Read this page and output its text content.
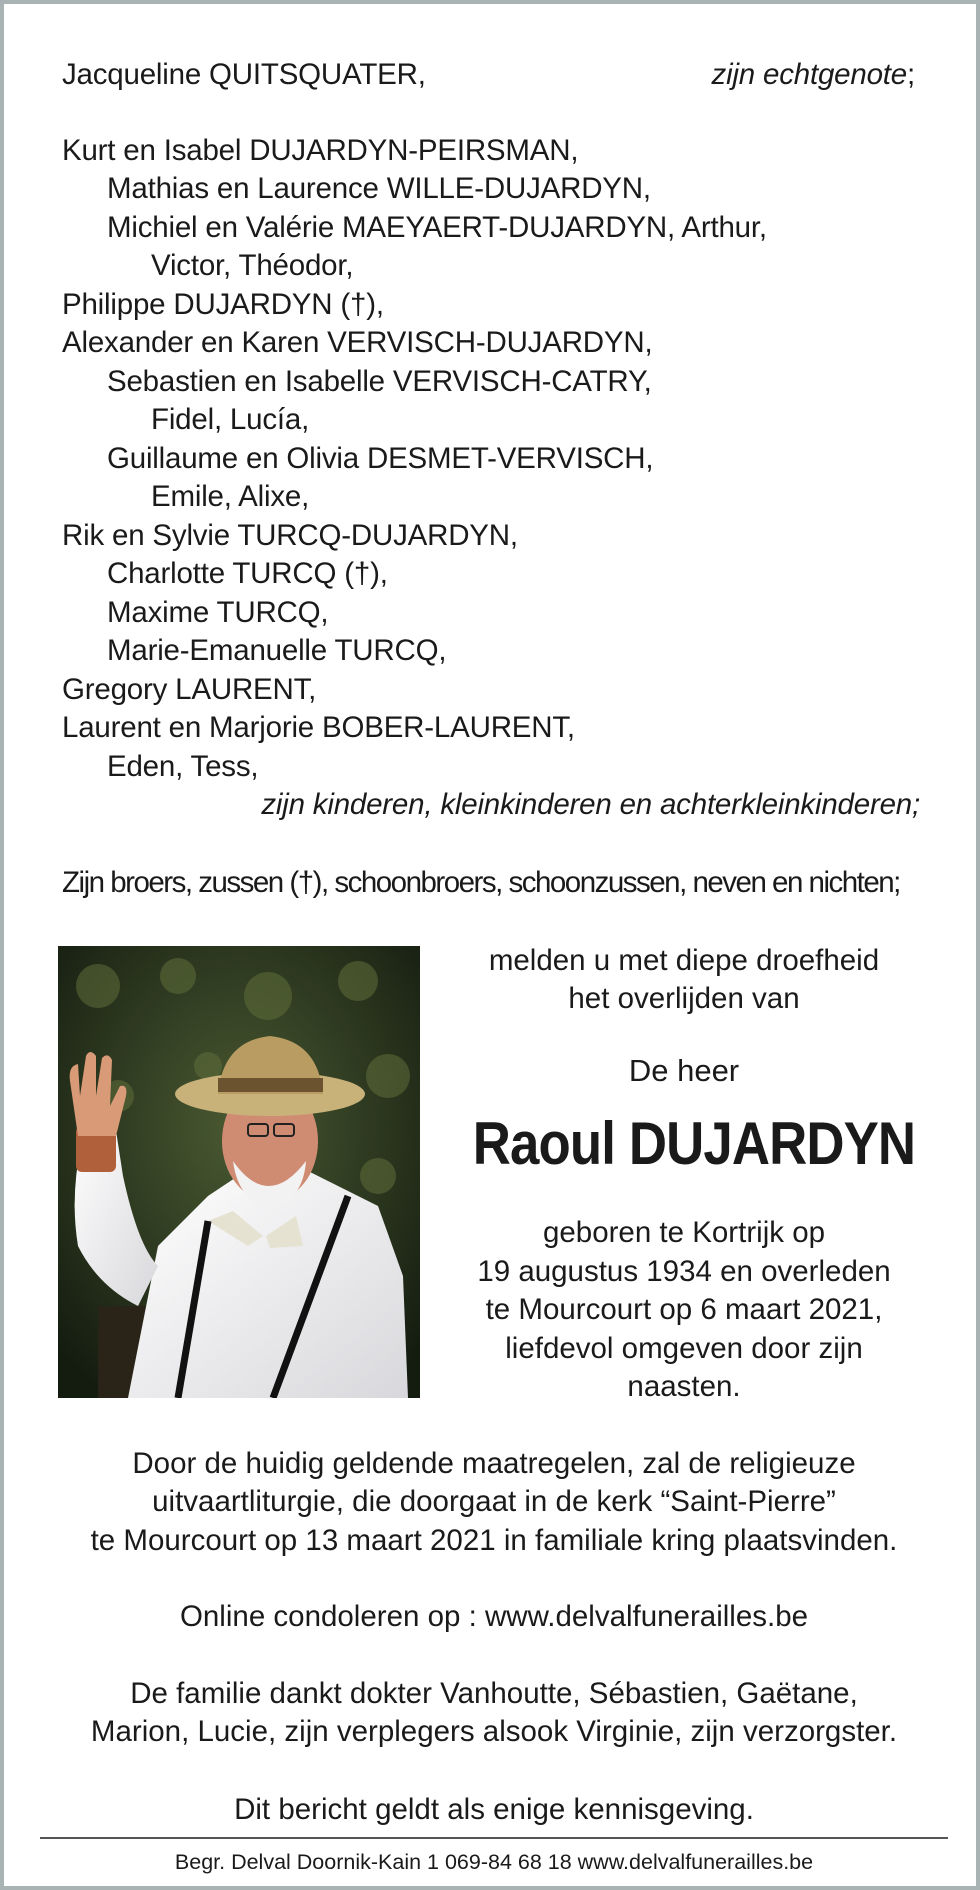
Jacqueline QUITSQUATER,	zijn echtgenote;
Kurt en Isabel DUJARDYN-PEIRSMAN,
Mathias en Laurence WILLE-DUJARDYN,
Michiel en Valérie MAEYAERT-DUJARDYN, Arthur,
Victor, Théodor,
Philippe DUJARDYN (†),
Alexander en Karen VERVISCH-DUJARDYN,
Sebastien en Isabelle VERVISCH-CATRY,
Fidel, Lucía,
Guillaume en Olivia DESMET-VERVISCH,
Emile, Alixe,
Rik en Sylvie TURCQ-DUJARDYN,
Charlotte TURCQ (†),
Maxime TURCQ,
Marie-Emanuelle TURCQ,
Gregory LAURENT,
Laurent en Marjorie BOBER-LAURENT,
Eden, Tess,
zijn kinderen, kleinkinderen en achterkleinkinderen;
Zijn broers, zussen (†), schoonbroers, schoonzussen, neven en nichten;
melden u met diepe droefheid
het overlijden van
De heer
Raoul DUJARDYN
geboren te Kortrijk op
19 augustus 1934 en overleden
te Mourcourt op 6 maart 2021,
liefdevol omgeven door zijn
naasten.
Door de huidig geldende maatregelen, zal de religieuze
uitvaartliturgie, die doorgaat in de kerk “Saint-Pierre”
te Mourcourt op 13 maart 2021 in familiale kring plaatsvinden.
Online condoleren op : www.delvalfunerailles.be
De familie dankt dokter Vanhoutte, Sébastien, Gaëtane,
Marion, Lucie, zijn verplegers alsook Virginie, zijn verzorgster.
Dit bericht geldt als enige kennisgeving.
Begr. Delval Doornik-Kain 1 069-84 68 18 www.delvalfunerailles.be
